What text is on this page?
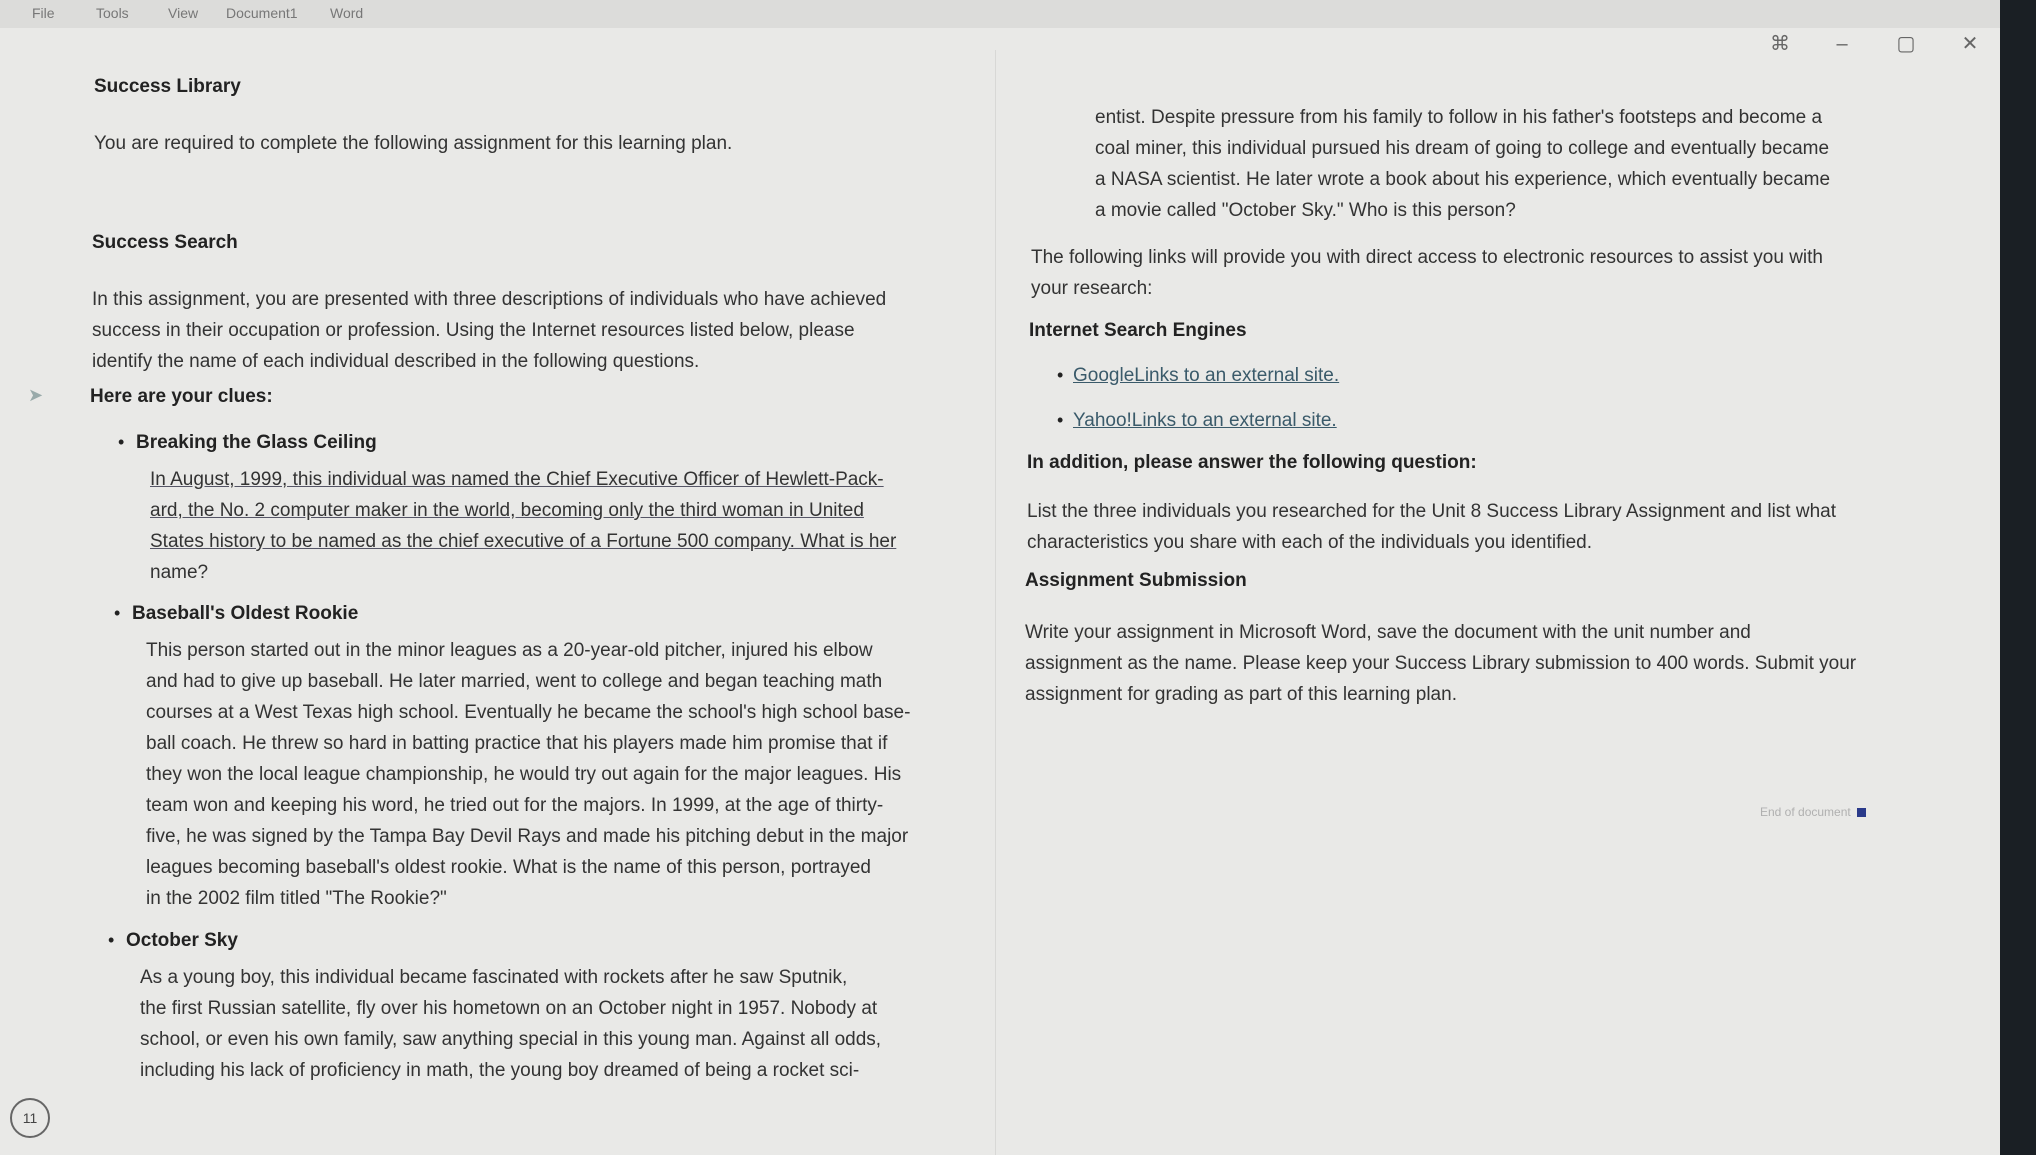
File	Tools	View Document1 Word
⌘	–	▢	✕
➤
Success Library
You are required to complete the following assignment for this learning plan.
Success Search
In this assignment, you are presented with three descriptions of individuals who have achieved
success in their occupation or profession. Using the Internet resources listed below, please
identify the name of each individual described in the following questions.
Here are your clues:
• Breaking the Glass Ceiling
In August, 1999, this individual was named the Chief Executive Officer of Hewlett-Pack-
ard, the No. 2 computer maker in the world, becoming only the third woman in United
States history to be named as the chief executive of a Fortune 500 company. What is her
name?
• Baseball's Oldest Rookie
This person started out in the minor leagues as a 20-year-old pitcher, injured his elbow
and had to give up baseball. He later married, went to college and began teaching math
courses at a West Texas high school. Eventually he became the school's high school base-
ball coach. He threw so hard in batting practice that his players made him promise that if
they won the local league championship, he would try out again for the major leagues. His
team won and keeping his word, he tried out for the majors. In 1999, at the age of thirty-
five, he was signed by the Tampa Bay Devil Rays and made his pitching debut in the major
leagues becoming baseball's oldest rookie. What is the name of this person, portrayed
in the 2002 film titled "The Rookie?"
• October Sky
As a young boy, this individual became fascinated with rockets after he saw Sputnik,
the first Russian satellite, fly over his hometown on an October night in 1957. Nobody at
school, or even his own family, saw anything special in this young man. Against all odds,
including his lack of proficiency in math, the young boy dreamed of being a rocket sci-
entist. Despite pressure from his family to follow in his father's footsteps and become a
coal miner, this individual pursued his dream of going to college and eventually became
a NASA scientist. He later wrote a book about his experience, which eventually became
a movie called "October Sky." Who is this person?
The following links will provide you with direct access to electronic resources to assist you with
your research:
Internet Search Engines
• GoogleLinks to an external site.
• Yahoo!Links to an external site.
In addition, please answer the following question:
List the three individuals you researched for the Unit 8 Success Library Assignment and list what
characteristics you share with each of the individuals you identified.
Assignment Submission
Write your assignment in Microsoft Word, save the document with the unit number and
assignment as the name. Please keep your Success Library submission to 400 words. Submit your
assignment for grading as part of this learning plan.
End of document
11
